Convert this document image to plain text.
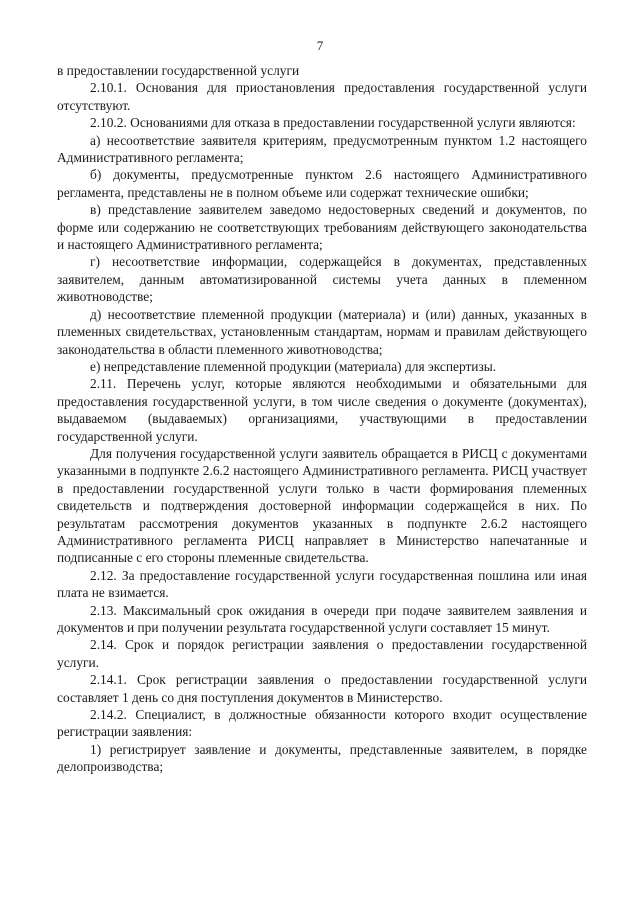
7

в предоставлении государственной услуги

2.10.1. Основания для приостановления предоставления государственной услуги отсутствуют.

2.10.2. Основаниями для отказа в предоставлении государственной услуги являются:

а) несоответствие заявителя критериям, предусмотренным пунктом 1.2 настоящего Административного регламента;

б) документы, предусмотренные пунктом 2.6 настоящего Административного регламента, представлены не в полном объеме или содержат технические ошибки;

в) представление заявителем заведомо недостоверных сведений и документов, по форме или содержанию не соответствующих требованиям действующего законодательства и настоящего Административного регламента;

г) несоответствие информации, содержащейся в документах, представленных заявителем, данным автоматизированной системы учета данных в племенном животноводстве;

д) несоответствие племенной продукции (материала) и (или) данных, указанных в племенных свидетельствах, установленным стандартам, нормам и правилам действующего законодательства в области племенного животноводства;

е) непредставление племенной продукции (материала) для экспертизы.

2.11. Перечень услуг, которые являются необходимыми и обязательными для предоставления государственной услуги, в том числе сведения о документе (документах), выдаваемом (выдаваемых) организациями, участвующими в предоставлении государственной услуги.

Для получения государственной услуги заявитель обращается в РИСЦ с документами указанными в подпункте 2.6.2 настоящего Административного регламента. РИСЦ участвует в предоставлении государственной услуги только в части формирования племенных свидетельств и подтверждения достоверной информации содержащейся в них. По результатам рассмотрения документов указанных в подпункте 2.6.2 настоящего Административного регламента РИСЦ направляет в Министерство напечатанные и подписанные с его стороны племенные свидетельства.

2.12. За предоставление государственной услуги государственная пошлина или иная плата не взимается.

2.13. Максимальный срок ожидания в очереди при подаче заявителем заявления и документов и при получении результата государственной услуги составляет 15 минут.

2.14. Срок и порядок регистрации заявления о предоставлении государственной услуги.

2.14.1. Срок регистрации заявления о предоставлении государственной услуги составляет 1 день со дня поступления документов в Министерство.

2.14.2. Специалист, в должностные обязанности которого входит осуществление регистрации заявления:

1) регистрирует заявление и документы, представленные заявителем, в порядке делопроизводства;
